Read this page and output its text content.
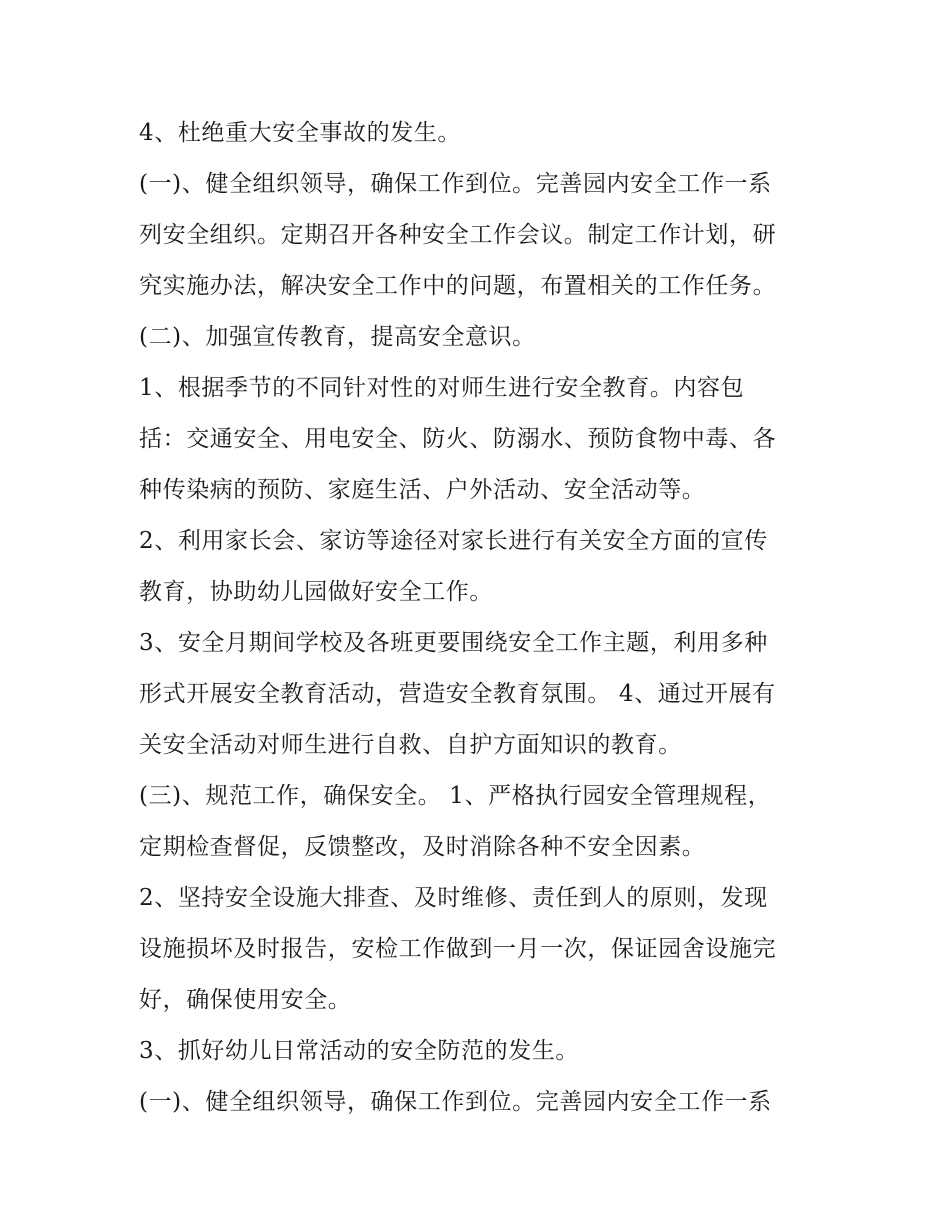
4、杜绝重大安全事故的发生。
(一)、健全组织领导，确保工作到位。完善园内安全工作一系
列安全组织。定期召开各种安全工作会议。制定工作计划，研
究实施办法，解决安全工作中的问题，布置相关的工作任务。
(二)、加强宣传教育，提高安全意识。
1、根据季节的不同针对性的对师生进行安全教育。内容包
括：交通安全、用电安全、防火、防溺水、预防食物中毒、各
种传染病的预防、家庭生活、户外活动、安全活动等。
2、利用家长会、家访等途径对家长进行有关安全方面的宣传
教育，协助幼儿园做好安全工作。
3、安全月期间学校及各班更要围绕安全工作主题，利用多种
形式开展安全教育活动，营造安全教育氛围。 4、通过开展有
关安全活动对师生进行自救、自护方面知识的教育。
(三)、规范工作，确保安全。 1、严格执行园安全管理规程，
定期检查督促，反馈整改，及时消除各种不安全因素。
2、坚持安全设施大排查、及时维修、责任到人的原则，发现
设施损坏及时报告，安检工作做到一月一次，保证园舍设施完
好，确保使用安全。
3、抓好幼儿日常活动的安全防范的发生。
(一)、健全组织领导，确保工作到位。完善园内安全工作一系
